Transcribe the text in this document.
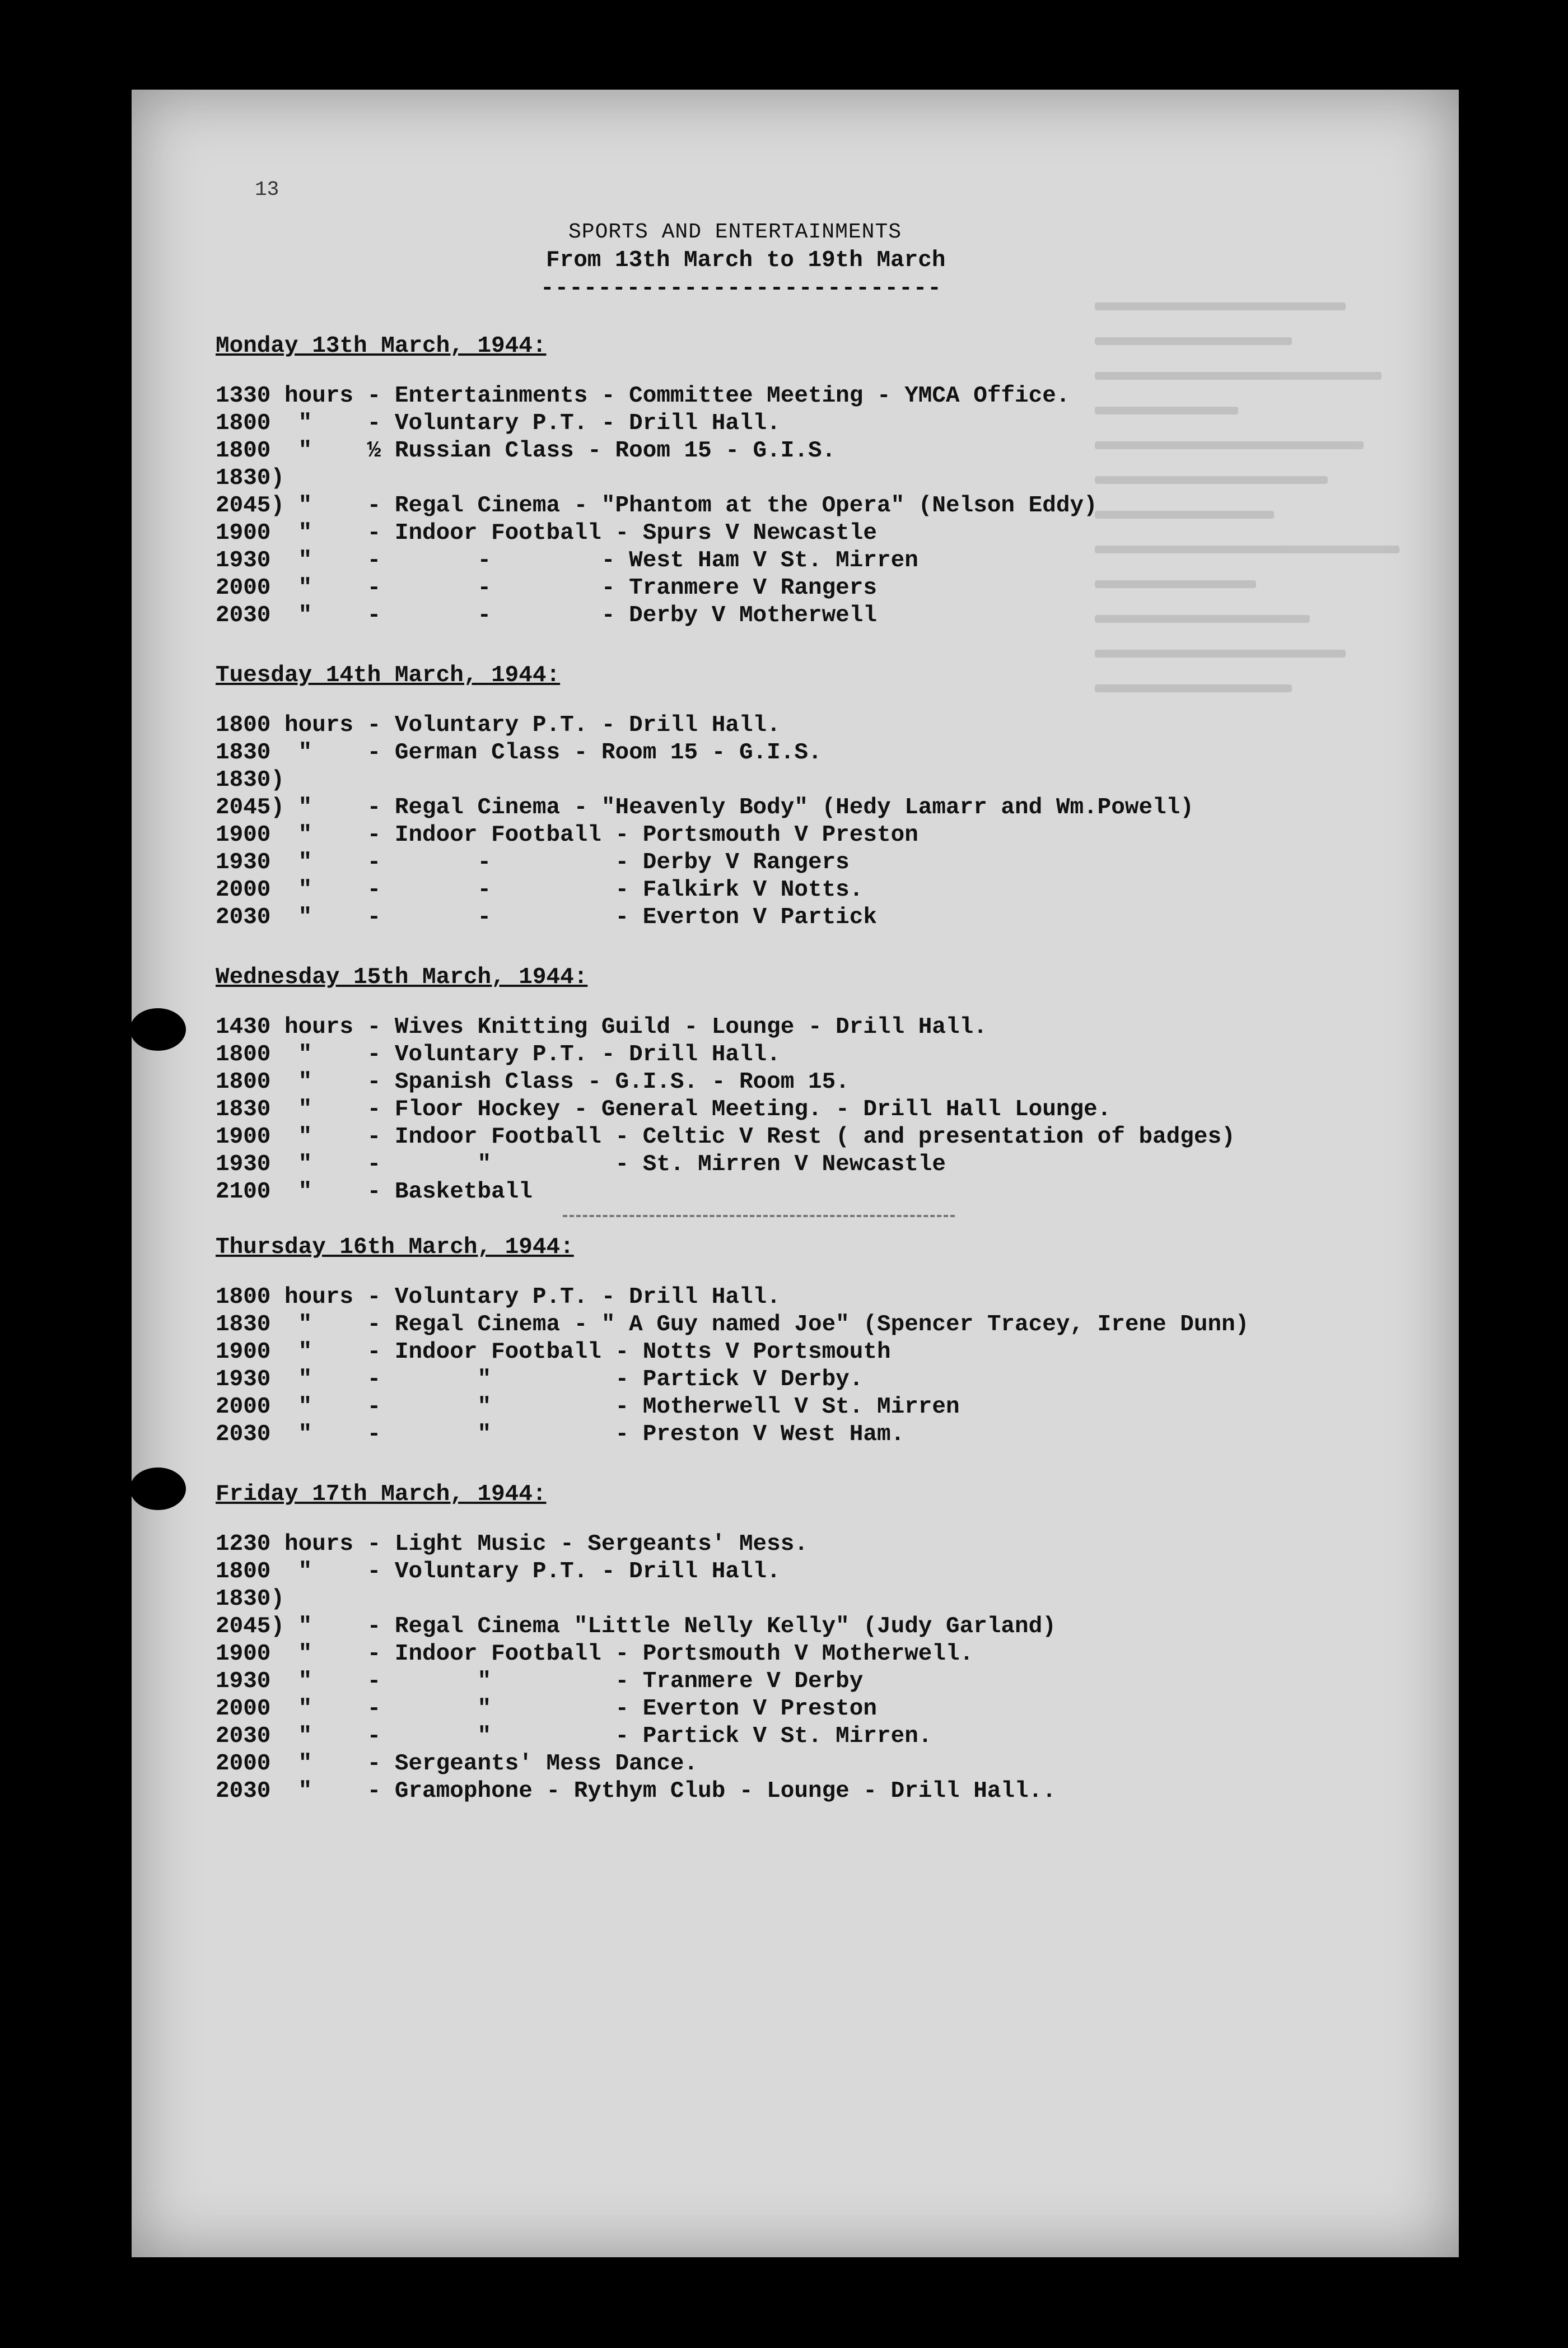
13
SPORTS AND ENTERTAINMENTS
From 13th March to 19th March
----------------------------
Monday 13th March, 1944:
1330 hours - Entertainments - Committee Meeting - YMCA Office.
1800  "    - Voluntary P.T. - Drill Hall.
1800  "    ½ Russian Class - Room 15 - G.I.S.
1830)
2045) "    - Regal Cinema - "Phantom at the Opera" (Nelson Eddy)
1900  "    - Indoor Football - Spurs V Newcastle
1930  "    -       -        - West Ham V St. Mirren
2000  "    -       -        - Tranmere V Rangers
2030  "    -       -        - Derby V Motherwell
Tuesday 14th March, 1944:
1800 hours - Voluntary P.T. - Drill Hall.
1830  "    - German Class - Room 15 - G.I.S.
1830)
2045) "    - Regal Cinema - "Heavenly Body" (Hedy Lamarr and Wm.Powell)
1900  "    - Indoor Football - Portsmouth V Preston
1930  "    -       -         - Derby V Rangers
2000  "    -       -         - Falkirk V Notts.
2030  "    -       -         - Everton V Partick
Wednesday 15th March, 1944:
1430 hours - Wives Knitting Guild - Lounge - Drill Hall.
1800  "    - Voluntary P.T. - Drill Hall.
1800  "    - Spanish Class - G.I.S. - Room 15.
1830  "    - Floor Hockey - General Meeting. - Drill Hall Lounge.
1900  "    - Indoor Football - Celtic V Rest ( and presentation of badges)
1930  "    -       "         - St. Mirren V Newcastle
2100  "    - Basketball
Thursday 16th March, 1944:
1800 hours - Voluntary P.T. - Drill Hall.
1830  "    - Regal Cinema - " A Guy named Joe" (Spencer Tracey, Irene Dunn)
1900  "    - Indoor Football - Notts V Portsmouth
1930  "    -       "         - Partick V Derby.
2000  "    -       "         - Motherwell V St. Mirren
2030  "    -       "         - Preston V West Ham.
Friday 17th March, 1944:
1230 hours - Light Music - Sergeants' Mess.
1800  "    - Voluntary P.T. - Drill Hall.
1830)
2045) "    - Regal Cinema "Little Nelly Kelly" (Judy Garland)
1900  "    - Indoor Football - Portsmouth V Motherwell.
1930  "    -       "         - Tranmere V Derby
2000  "    -       "         - Everton V Preston
2030  "    -       "         - Partick V St. Mirren.
2000  "    - Sergeants' Mess Dance.
2030  "    - Gramophone - Rythym Club - Lounge - Drill Hall..
